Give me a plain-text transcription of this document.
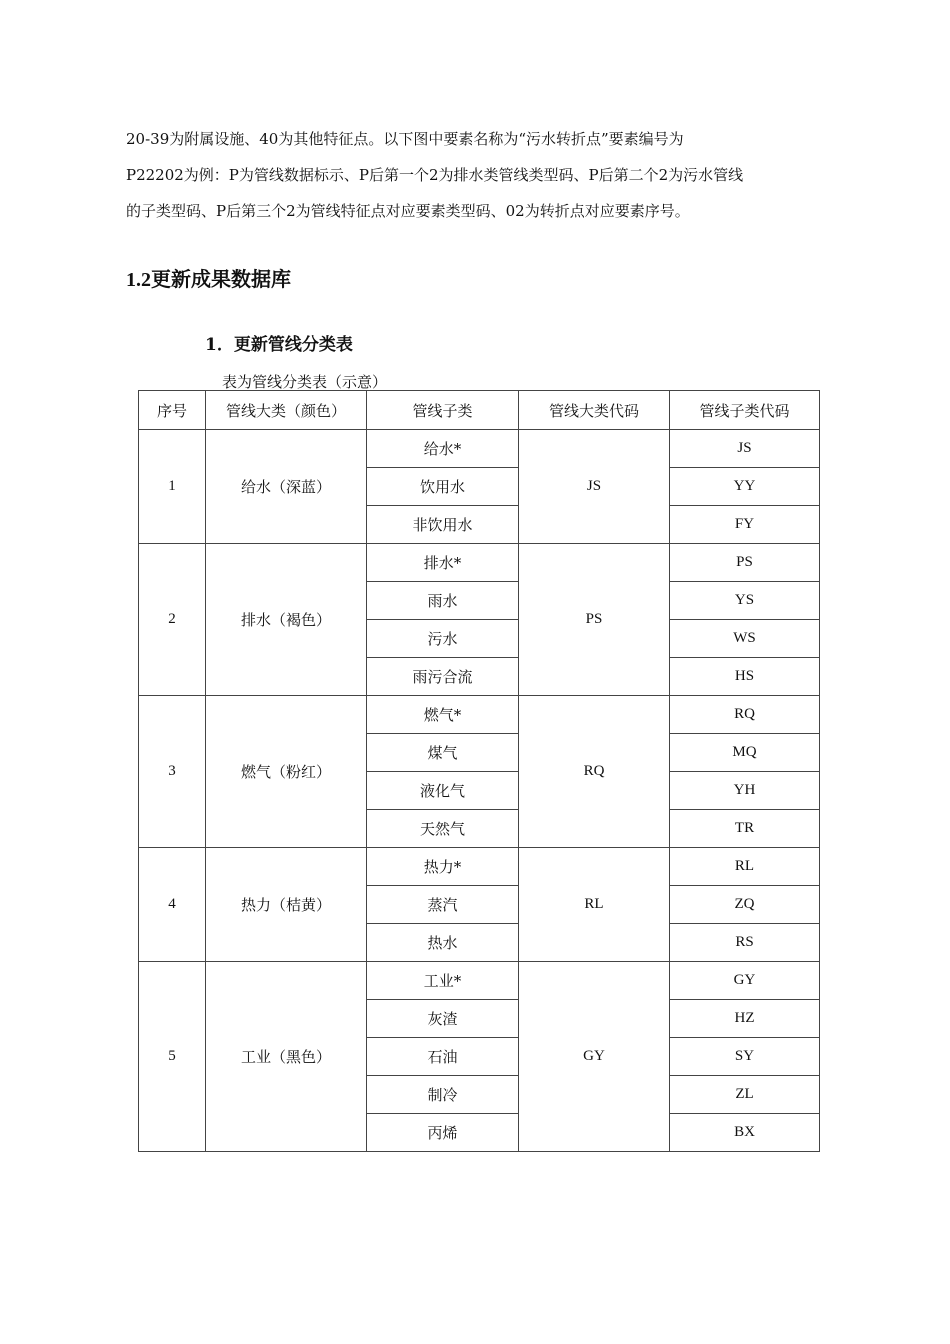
20-39为附属设施、40为其他特征点。以下图中要素名称为“污水转折点”要素编号为

P22202为例：P为管线数据标示、P后第一个2为排水类管线类型码、P后第二个2为污水管线

的子类型码、P后第三个2为管线特征点对应要素类型码、02为转折点对应要素序号。

1.2更新成果数据库
1．更新管线分类表

表为管线分类表（示意）

序号	管线大类（颜色）	管线子类	管线大类代码	管线子类代码
1	给水（深蓝）	给水*	JS	JS
		饮用水		YY
		非饮用水		FY
2	排水（褐色）	排水*	PS	PS
		雨水		YS
		污水		WS
		雨污合流		HS
3	燃气（粉红）	燃气*	RQ	RQ
		煤气		MQ
		液化气		YH
		天然气		TR
4	热力（桔黄）	热力*	RL	RL
		蒸汽		ZQ
		热水		RS
5	工业（黑色）	工业*	GY	GY
		灰渣		HZ
		石油		SY
		制冷		ZL
		丙烯		BX
